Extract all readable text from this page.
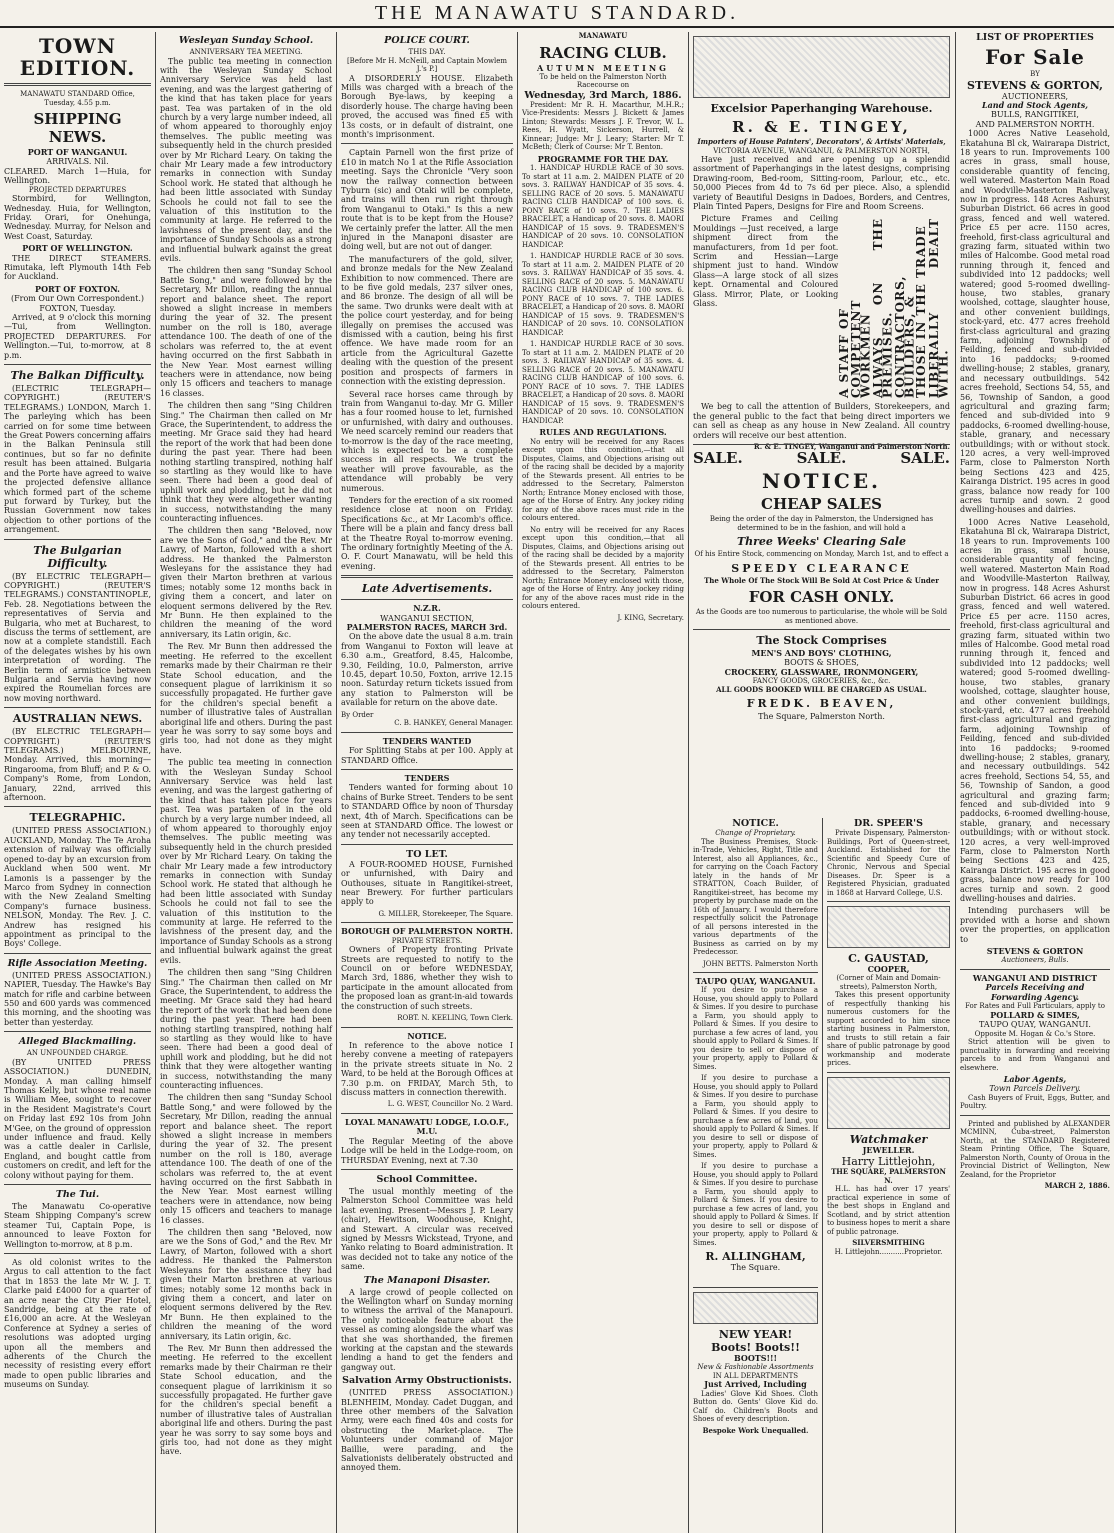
THE MANAWATU STANDARD.
TOWN EDITION.
MANAWATU STANDARD Office, Tuesday, 4.55 p.m.
SHIPPING NEWS.
PORT OF WANGANUI.
ARRIVALS. Nil.
CLEARED. March 1—Huia, for Wellington.
PROJECTED DEPARTURES

Stormbird, for Wellington, Wednesday. Huia, for Wellington, Friday. Orari, for Onehunga, Wednesday. Murray, for Nelson and West Coast, Saturday.

PORT OF WELLINGTON.

THE DIRECT STEAMERS. Rimutaka, left Plymouth 14th Feb for Auckland.

PORT OF FOXTON.
(From Our Own Correspondent.) FOXTON, Tuesday.

Arrived, at 9 o'clock this morning—Tui, from Wellington. PROJECTED DEPARTURES. For Wellington.—Tui, to-morrow, at 8 p.m.

The Balkan Difficulty.

(ELECTRIC TELEGRAPH—COPYRIGHT.) (REUTER'S TELEGRAMS.) LONDON, March 1. The parleying which has been carried on for some time between the Great Powers concerning affairs in the Balkan Peninsula still continues, but so far no definite result has been attained. Bulgaria and the Porte have agreed to waive the projected defensive alliance which formed part of the scheme put forward by Turkey, but the Russian Government now takes objection to other portions of the arrangement.

The Bulgarian Difficulty.

(BY ELECTRIC TELEGRAPH—COPYRIGHT.) (REUTER'S TELEGRAMS.) CONSTANTINOPLE, Feb. 28. Negotiations between the representatives of Servia and Bulgaria, who met at Bucharest, to discuss the terms of settlement, are now at a complete standstill. Each of the delegates wishes by his own interpretation of wording. The Berlin term of armistice between Bulgaria and Servia having now expired the Roumelian forces are now moving northward.

AUSTRALIAN NEWS.

(BY ELECTRIC TELEGRAPH—COPYRIGHT.) (REUTER'S TELEGRAMS.) MELBOURNE, Monday. Arrived, this morning—Ringarooma, from Bluff; and P. & O. Company's Rome, from London, January, 22nd, arrived this afternoon.

TELEGRAPHIC.

(UNITED PRESS ASSOCIATION.) AUCKLAND, Monday. The Te Aroha extension of railway was officially opened to-day by an excursion from Auckland when 500 went. Mr Lamonis is a passenger by the Marco from Sydney in connection with the New Zealand Smelting Company's furnace business. NELSON, Monday. The Rev. J. C. Andrew has resigned his appointment as principal to the Boys' College.

Rifle Association Meeting.

(UNITED PRESS ASSOCIATION.) NAPIER, Tuesday. The Hawke's Bay match for rifle and carbine between 550 and 600 yards was commenced this morning, and the shooting was better than yesterday.

Alleged Blackmailing.
AN UNFOUNDED CHARGE.

(BY UNITED PRESS ASSOCIATION.) DUNEDIN, Monday. A man calling himself Thomas Kelly, but whose real name is William Mee, sought to recover in the Resident Magistrate's Court on Friday last £92 10s from John M'Gee, on the ground of oppression under influence and fraud. Kelly was a cattle dealer in Carlisle, England, and bought cattle from customers on credit, and left for the colony without paying for them.

The Tui.

The Manawatu Co-operative Steam Shipping Company's screw steamer Tui, Captain Pope, is announced to leave Foxton for Wellington to-morrow, at 8 p.m.

As old colonist writes to the Argus to call attention to the fact that in 1853 the late Mr W. J. T. Clarke paid £4000 for a quarter of an acre near the City Pier Hotel, Sandridge, being at the rate of £16,000 an acre. At the Wesleyan Conference at Sydney a series of resolutions was adopted urging upon all the members and adherents of the Church the necessity of resisting every effort made to open public libraries and museums on Sunday.

Wesleyan Sunday School.
ANNIVERSARY TEA MEETING.

The public tea meeting in connection with the Wesleyan Sunday School Anniversary Service was held last evening, and was the largest gathering of the kind that has taken place for years past. Tea was partaken of in the old church by a very large number indeed, all of whom appeared to thoroughly enjoy themselves. The public meeting was subsequently held in the church presided over by Mr Richard Leary. On taking the chair Mr Leary made a few introductory remarks in connection with Sunday School work. He stated that although he had been little associated with Sunday Schools he could not fail to see the valuation of this institution to the community at large. He referred to the lavishness of the present day, and the importance of Sunday Schools as a strong and influential bulwark against the great evils.

The children then sang "Sunday School Battle Song," and were followed by the Secretary, Mr Dillon, reading the annual report and balance sheet. The report showed a slight increase in members during the year of 32. The present number on the roll is 180, average attendance 100. The death of one of the scholars was referred to, the at event having occurred on the first Sabbath in the New Year. Most earnest willing teachers were in attendance, now being only 15 officers and teachers to manage 16 classes.

The children then sang "Sing Children Sing." The Chairman then called on Mr Grace, the Superintendent, to address the meeting. Mr Grace said they had heard the report of the work that had been done during the past year. There had been nothing startling transpired, nothing half so startling as they would like to have seen. There had been a good deal of uphill work and plodding, but he did not think that they were altogether wanting in success, notwithstanding the many counteracting influences.

The children then sang "Beloved, now are we the Sons of God," and the Rev. Mr Lawry, of Marton, followed with a short address. He thanked the Palmerston Wesleyans for the assistance they had given their Marton brethren at various times; notably some 12 months back in giving them a concert, and later on eloquent sermons delivered by the Rev. Mr Bunn. He then explained to the children the meaning of the word anniversary, its Latin origin, &c.

The Rev. Mr Bunn then addressed the meeting. He referred to the excellent remarks made by their Chairman re their State School education, and the consequent plague of larrikinism it so successfully propagated. He further gave for the children's special benefit a number of illustrative tales of Australian aboriginal life and others. During the past year he was sorry to say some boys and girls too, had not done as they might have.

The public tea meeting in connection with the Wesleyan Sunday School Anniversary Service was held last evening, and was the largest gathering of the kind that has taken place for years past. Tea was partaken of in the old church by a very large number indeed, all of whom appeared to thoroughly enjoy themselves. The public meeting was subsequently held in the church presided over by Mr Richard Leary. On taking the chair Mr Leary made a few introductory remarks in connection with Sunday School work. He stated that although he had been little associated with Sunday Schools he could not fail to see the valuation of this institution to the community at large. He referred to the lavishness of the present day, and the importance of Sunday Schools as a strong and influential bulwark against the great evils.

The children then sang "Sing Children Sing." The Chairman then called on Mr Grace, the Superintendent, to address the meeting. Mr Grace said they had heard the report of the work that had been done during the past year. There had been nothing startling transpired, nothing half so startling as they would like to have seen. There had been a good deal of uphill work and plodding, but he did not think that they were altogether wanting in success, notwithstanding the many counteracting influences.

The children then sang "Sunday School Battle Song," and were followed by the Secretary, Mr Dillon, reading the annual report and balance sheet. The report showed a slight increase in members during the year of 32. The present number on the roll is 180, average attendance 100. The death of one of the scholars was referred to, the at event having occurred on the first Sabbath in the New Year. Most earnest willing teachers were in attendance, now being only 15 officers and teachers to manage 16 classes.

The children then sang "Beloved, now are we the Sons of God," and the Rev. Mr Lawry, of Marton, followed with a short address. He thanked the Palmerston Wesleyans for the assistance they had given their Marton brethren at various times; notably some 12 months back in giving them a concert, and later on eloquent sermons delivered by the Rev. Mr Bunn. He then explained to the children the meaning of the word anniversary, its Latin origin, &c.

The Rev. Mr Bunn then addressed the meeting. He referred to the excellent remarks made by their Chairman re their State School education, and the consequent plague of larrikinism it so successfully propagated. He further gave for the children's special benefit a number of illustrative tales of Australian aboriginal life and others. During the past year he was sorry to say some boys and girls too, had not done as they might have.

POLICE COURT.
THIS DAY.
[Before Mr H. McNeill, and Captain Mowlem J.'s P.]

A DISORDERLY HOUSE. Elizabeth Mills was charged with a breach of the Borough Bye-laws, by keeping a disorderly house. The charge having been proved, the accused was fined £5 with 13s costs, or in default of distraint, one month's imprisonment.

Captain Parnell won the first prize of £10 in match No 1 at the Rifle Association meeting. Says the Chronicle "Very soon now the railway connection between Tyburn (sic) and Otaki will be complete, and trains will then run right through from Wanganui to Otaki." Is this a new route that is to be kept from the House? We certainly prefer the latter. All the men injured in the Manaponi disaster are doing well, but are not out of danger.

The manufacturers of the gold, silver, and bronze medals for the New Zealand Exhibition to now commenced. There are to be five gold medals, 237 silver ones, and 86 bronze. The design of all will be the same. Two drunks were dealt with at the police court yesterday, and for being illegally on premises the accused was dismissed with a caution, being his first offence. We have made room for an article from the Agricultural Gazette dealing with the question of the present position and prospects of farmers in connection with the existing depression.

Several race horses came through by train from Wanganui to-day. Mr G. Miller has a four roomed house to let, furnished or unfurnished, with dairy and outhouses. We need scarcely remind our readers that to-morrow is the day of the race meeting, which is expected to be a complete success in all respects. We trust the weather will prove favourable, as the attendance will probably be very numerous.

Tenders for the erection of a six roomed residence close at noon on Friday. Specifications &c., at Mr Lacomb's office. There will be a plain and fancy dress ball at the Theatre Royal to-morrow evening. The ordinary fortnightly Meeting of the A. O. F. Court Manawatu, will be held this evening.

Late Advertisements.
N.Z.R.
WANGANUI SECTION,
PALMERSTON RACES, MARCH 3rd.

On the above date the usual 8 a.m. train from Wanganui to Foxton will leave at 6.30 a.m., Greatford, 8.45, Halcombe, 9.30, Feilding, 10.0, Palmerston, arrive 10.45, depart 10.50, Foxton, arrive 12.15 noon. Saturday return tickets issued from any station to Palmerston will be available for return on the above date.

By Order
C. B. HANKEY, General Manager.
TENDERS WANTED

For Splitting Stabs at per 100. Apply at STANDARD Office.

TENDERS

Tenders wanted for forming about 10 chains of Burke Street. Tenders to be sent to STANDARD Office by noon of Thursday next, 4th of March. Specifications can be seen at STANDARD Office. The lowest or any tender not necessarily accepted.

TO LET.

A FOUR-ROOMED HOUSE, Furnished or unfurnished, with Dairy and Outhouses, situate in Rangitikei-street, near Brewery. For further particulars apply to

G. MILLER, Storekeeper, The Square.
BOROUGH OF PALMERSTON NORTH.
PRIVATE STREETS.

Owners of Property fronting Private Streets are requested to notify to the Council on or before WEDNESDAY, March 3rd, 1886, whether they wish to participate in the amount allocated from the proposed loan as grant-in-aid towards the construction of such streets.

ROBT. N. KEELING, Town Clerk.
NOTICE.

In reference to the above notice I hereby convene a meeting of ratepayers in the private streets situate in No. 2 Ward, to be held at the Borough Offices at 7.30 p.m. on FRIDAY, March 5th, to discuss matters in connection therewith.

L. G. WEST, Councillor No. 2 Ward.
LOYAL MANAWATU LODGE, I.O.O.F., M.U.

The Regular Meeting of the above Lodge will be held in the Lodge-room, on THURSDAY Evening, next at 7.30

School Committee.

The usual monthly meeting of the Palmerston School Committee was held last evening. Present—Messrs J. P. Leary (chair), Hewitson, Woodhouse, Knight, and Stewart. A circular was received signed by Messrs Wickstead, Tryone, and Yanko relating to Board administration. It was decided not to take any notice of the same.

The Manaponi Disaster.

A large crowd of people collected on the Wellington wharf on Sunday morning to witness the arrival of the Manapouri. The only noticeable feature about the vessel as coming alongside the wharf was that she was shorthanded, the firemen working at the capstan and the stewards lending a hand to get the fenders and gangway out.

Salvation Army Obstructionists.

(UNITED PRESS ASSOCIATION.) BLENHEIM, Monday. Cadet Duggan, and three other members of the Salvation Army, were each fined 40s and costs for obstructing the Market-place. The Volunteers under command of Major Baillie, were parading, and the Salvationists deliberately obstructed and annoyed them.

MANAWATU
RACING CLUB.
AUTUMN MEETING
To be held on the Palmerston North Racecourse on
Wednesday, 3rd March, 1886.

President: Mr R. H. Macarthur, M.H.R.; Vice-Presidents: Messrs J. Bickett & James Linton; Stewards: Messrs J. F. Trevor, W. L. Rees, H. Wyatt, Sickerson, Hurrell, & Kinnear; Judge: Mr J. Leary; Starter: Mr T. McBeth; Clerk of Course: Mr T. Benton.

PROGRAMME FOR THE DAY.

1. HANDICAP HURDLE RACE of 30 sovs. To start at 11 a.m. 2. MAIDEN PLATE of 20 sovs. 3. RAILWAY HANDICAP of 35 sovs. 4. SELLING RACE of 20 sovs. 5. MANAWATU RACING CLUB HANDICAP of 100 sovs. 6. PONY RACE of 10 sovs. 7. THE LADIES BRACELET, a Handicap of 20 sovs. 8. MAORI HANDICAP of 15 sovs. 9. TRADESMEN'S HANDICAP of 20 sovs. 10. CONSOLATION HANDICAP.

1. HANDICAP HURDLE RACE of 30 sovs. To start at 11 a.m. 2. MAIDEN PLATE of 20 sovs. 3. RAILWAY HANDICAP of 35 sovs. 4. SELLING RACE of 20 sovs. 5. MANAWATU RACING CLUB HANDICAP of 100 sovs. 6. PONY RACE of 10 sovs. 7. THE LADIES BRACELET, a Handicap of 20 sovs. 8. MAORI HANDICAP of 15 sovs. 9. TRADESMEN'S HANDICAP of 20 sovs. 10. CONSOLATION HANDICAP.

1. HANDICAP HURDLE RACE of 30 sovs. To start at 11 a.m. 2. MAIDEN PLATE of 20 sovs. 3. RAILWAY HANDICAP of 35 sovs. 4. SELLING RACE of 20 sovs. 5. MANAWATU RACING CLUB HANDICAP of 100 sovs. 6. PONY RACE of 10 sovs. 7. THE LADIES BRACELET, a Handicap of 20 sovs. 8. MAORI HANDICAP of 15 sovs. 9. TRADESMEN'S HANDICAP of 20 sovs. 10. CONSOLATION HANDICAP.

RULES AND REGULATIONS.

No entry will be received for any Races except upon this condition,—that all Disputes, Claims, and Objections arising out of the racing shall be decided by a majority of the Stewards present. All entries to be addressed to the Secretary, Palmerston North; Entrance Money enclosed with those, age of the Horse of Entry. Any jockey riding for any of the above races must ride in the colours entered.

No entry will be received for any Races except upon this condition,—that all Disputes, Claims, and Objections arising out of the racing shall be decided by a majority of the Stewards present. All entries to be addressed to the Secretary, Palmerston North; Entrance Money enclosed with those, age of the Horse of Entry. Any jockey riding for any of the above races must ride in the colours entered.

J. KING, Secretary.
Excelsior Paperhanging Warehouse.
R. & E. TINGEY,
Importers of House Painters', Decorators', & Artists' Materials,
VICTORIA AVENUE, WANGANUI, & PALMERSTON NORTH,

Have just received and are opening up a splendid assortment of Paperhangings in the latest designs, comprising Drawing-room, Bed-room, Sitting-room, Parlour, etc., etc. 50,000 Pieces from 4d to 7s 6d per piece. Also, a splendid variety of Beautiful Designs in Dadoes, Borders, and Centres, Plain Tinted Papers, Designs for Fire and Room Screens.

Picture Frames and Ceiling Mouldings —Just received, a large shipment direct from the manufacturers, from 1d per foot. Scrim and Hessian—Large shipment just to hand. Window Glass—A large stock of all sizes kept. Ornamental and Coloured Glass. Mirror, Plate, or Looking Glass.

A STAFF OF
COMPETENT WORKMEN
ALWAYS ON THE PREMISES.
CONTRACTORS, BUILDERS, &
THOSE IN THE TRADE
LIBERALLY DEALT WITH.

We beg to call the attention of Builders, Storekeepers, and the general public to the fact that being direct importers we can sell as cheap as any house in New Zealand. All country orders will receive our best attention.

R. & E. TINGEY, Wanganui and Palmerston North.
SALE.	SALE.	SALE.
NOTICE.
CHEAP SALES
Being the order of the day in Palmerston, the Undersigned has determined to be in the fashion, and will hold a
Three Weeks' Clearing Sale
Of his Entire Stock, commencing on Monday, March 1st, and to effect a
SPEEDY CLEARANCE
The Whole Of The Stock Will Be Sold At Cost Price & Under
FOR CASH ONLY.
As the Goods are too numerous to particularise, the whole will be Sold as mentioned above.
The Stock Comprises
MEN'S AND BOYS' CLOTHING,
BOOTS & SHOES,
CROCKERY, GLASSWARE, IRONMONGERY,
FANCY GOODS, GROCERIES, &c., &c.
ALL GOODS BOOKED WILL BE CHARGED AS USUAL.
FREDK. BEAVEN,
The Square, Palmerston North.
NOTICE.
Change of Proprietary.

The Business Premises, Stock-in-Trade, Vehicles, Right, Title and Interest, also all Appliances, &c., for carrying on the Coach Factory lately in the hands of Mr STRATTON, Coach Builder, of Rangitikei-street, has become my property by purchase made on the 16th of January. I would therefore respectfully solicit the Patronage of all persons interested in the various departments of the Business as carried on by my Predecessor.

JOHN BETTS. Palmerston North
TAUPO QUAY, WANGANUI.

If you desire to purchase a House, you should apply to Pollard & Simes. If you desire to purchase a Farm, you should apply to Pollard & Simes. If you desire to purchase a few acres of land, you should apply to Pollard & Simes. If you desire to sell or dispose of your property, apply to Pollard & Simes.

If you desire to purchase a House, you should apply to Pollard & Simes. If you desire to purchase a Farm, you should apply to Pollard & Simes. If you desire to purchase a few acres of land, you should apply to Pollard & Simes. If you desire to sell or dispose of your property, apply to Pollard & Simes.

If you desire to purchase a House, you should apply to Pollard & Simes. If you desire to purchase a Farm, you should apply to Pollard & Simes. If you desire to purchase a few acres of land, you should apply to Pollard & Simes. If you desire to sell or dispose of your property, apply to Pollard & Simes.

R. ALLINGHAM,
The Square.
DR. SPEER'S

Private Dispensary, Palmerston-Buildings, Port of Queen-street, Auckland. Established for the Scientific and Speedy Cure of Chronic, Nervous and Special Diseases. Dr. Speer is a Registered Physician, graduated in 1868 at Harvard College, U.S.

C. GAUSTAD,
COOPER,
(Corner of Main and Domain-streets), Palmerston North,

Takes this present opportunity of respectfully thanking his numerous customers for the support accorded to him since starting business in Palmerston, and trusts to still retain a fair share of public patronage by good workmanship and moderate prices.

Watchmaker
JEWELLER.
Harry Littlejohn,
THE SQUARE, PALMERSTON N.

H.L. has had over 17 years' practical experience in some of the best shops in England and Scotland, and by strict attention to business hopes to merit a share of public patronage.

SILVERSMITHING
H. Littlejohn...........Proprietor.
NEW YEAR!
Boots! Boots!!
BOOTS!!!
New & Fashionable Assortments
IN ALL DEPARTMENTS
Just Arrived, Including

Ladies' Glove Kid Shoes. Cloth Button do. Gents' Glove Kid do. Calf do. Children's Boots and Shoes of every description.

Bespoke Work Unequalled.
LIST OF PROPERTIES
For Sale
BY
STEVENS & GORTON,
AUCTIONEERS,
Land and Stock Agents,
BULLS, RANGITIKEI,
AND PALMERSTON NORTH.

1000 Acres Native Leasehold, Ekatahuna Bl ck, Wairarapa District, 18 years to run. Improvements 100 acres in grass, small house, considerable quantity of fencing, well watered. Masterton Main Road and Woodville-Masterton Railway, now in progress. 148 Acres Ashurst Suburban District. 66 acres in good grass, fenced and well watered. Price £5 per acre. 1150 acres, freehold, first-class agricultural and grazing farm, situated within two miles of Halcombe. Good metal road running through it, fenced and subdivided into 12 paddocks; well watered; good 5-roomed dwelling-house, two stables, granary woolshed, cottage, slaughter house, and other convenient buildings, stock-yard, etc. 477 acres freehold first-class agricultural and grazing farm, adjoining Township of Feilding, fenced and sub-divided into 16 paddocks; 9-roomed dwelling-house; 2 stables, granary, and necessary outbuildings. 542 acres freehold, Sections 54, 55, and 56, Township of Sandon, a good agricultural and grazing farm; fenced and sub-divided into 9 paddocks, 6-roomed dwelling-house, stable, granary, and necessary outbuildings; with or without stock. 120 acres, a very well-improved Farm, close to Palmerston North being Sections 423 and 425, Kairanga District. 195 acres in good grass, balance now ready for 100 acres turnip and sown. 2 good dwelling-houses and dairies.

1000 Acres Native Leasehold, Ekatahuna Bl ck, Wairarapa District, 18 years to run. Improvements 100 acres in grass, small house, considerable quantity of fencing, well watered. Masterton Main Road and Woodville-Masterton Railway, now in progress. 148 Acres Ashurst Suburban District. 66 acres in good grass, fenced and well watered. Price £5 per acre. 1150 acres, freehold, first-class agricultural and grazing farm, situated within two miles of Halcombe. Good metal road running through it, fenced and subdivided into 12 paddocks; well watered; good 5-roomed dwelling-house, two stables, granary woolshed, cottage, slaughter house, and other convenient buildings, stock-yard, etc. 477 acres freehold first-class agricultural and grazing farm, adjoining Township of Feilding, fenced and sub-divided into 16 paddocks; 9-roomed dwelling-house; 2 stables, granary, and necessary outbuildings. 542 acres freehold, Sections 54, 55, and 56, Township of Sandon, a good agricultural and grazing farm; fenced and sub-divided into 9 paddocks, 6-roomed dwelling-house, stable, granary, and necessary outbuildings; with or without stock. 120 acres, a very well-improved Farm, close to Palmerston North being Sections 423 and 425, Kairanga District. 195 acres in good grass, balance now ready for 100 acres turnip and sown. 2 good dwelling-houses and dairies.

Intending purchasers will be provided with a horse and shown over the properties, on application to

STEVENS & GORTON
Auctioneers, Bulls.
WANGANUI AND DISTRICT
Parcels Receiving and Forwarding Agency.
For Rates and Full Particulars, apply to
POLLARD & SIMES,
TAUPO QUAY, WANGANUI.
Opposite M. Hogan & Co.'s Store.

Strict attention will be given to punctuality in forwarding and receiving parcels to and from Wanganui and elsewhere.

Labor Agents,
Town Parcels Delivery.

Cash Buyers of Fruit, Eggs, Butter, and Poultry.

Printed and published by ALEXANDER MCMINN, Cuba-street, Palmerston North, at the STANDARD Registered Steam Printing Office, The Square, Palmerston North, County of Oroua in the Provincial District of Wellington, New Zealand, for the Proprietor

MARCH 2, 1886.
